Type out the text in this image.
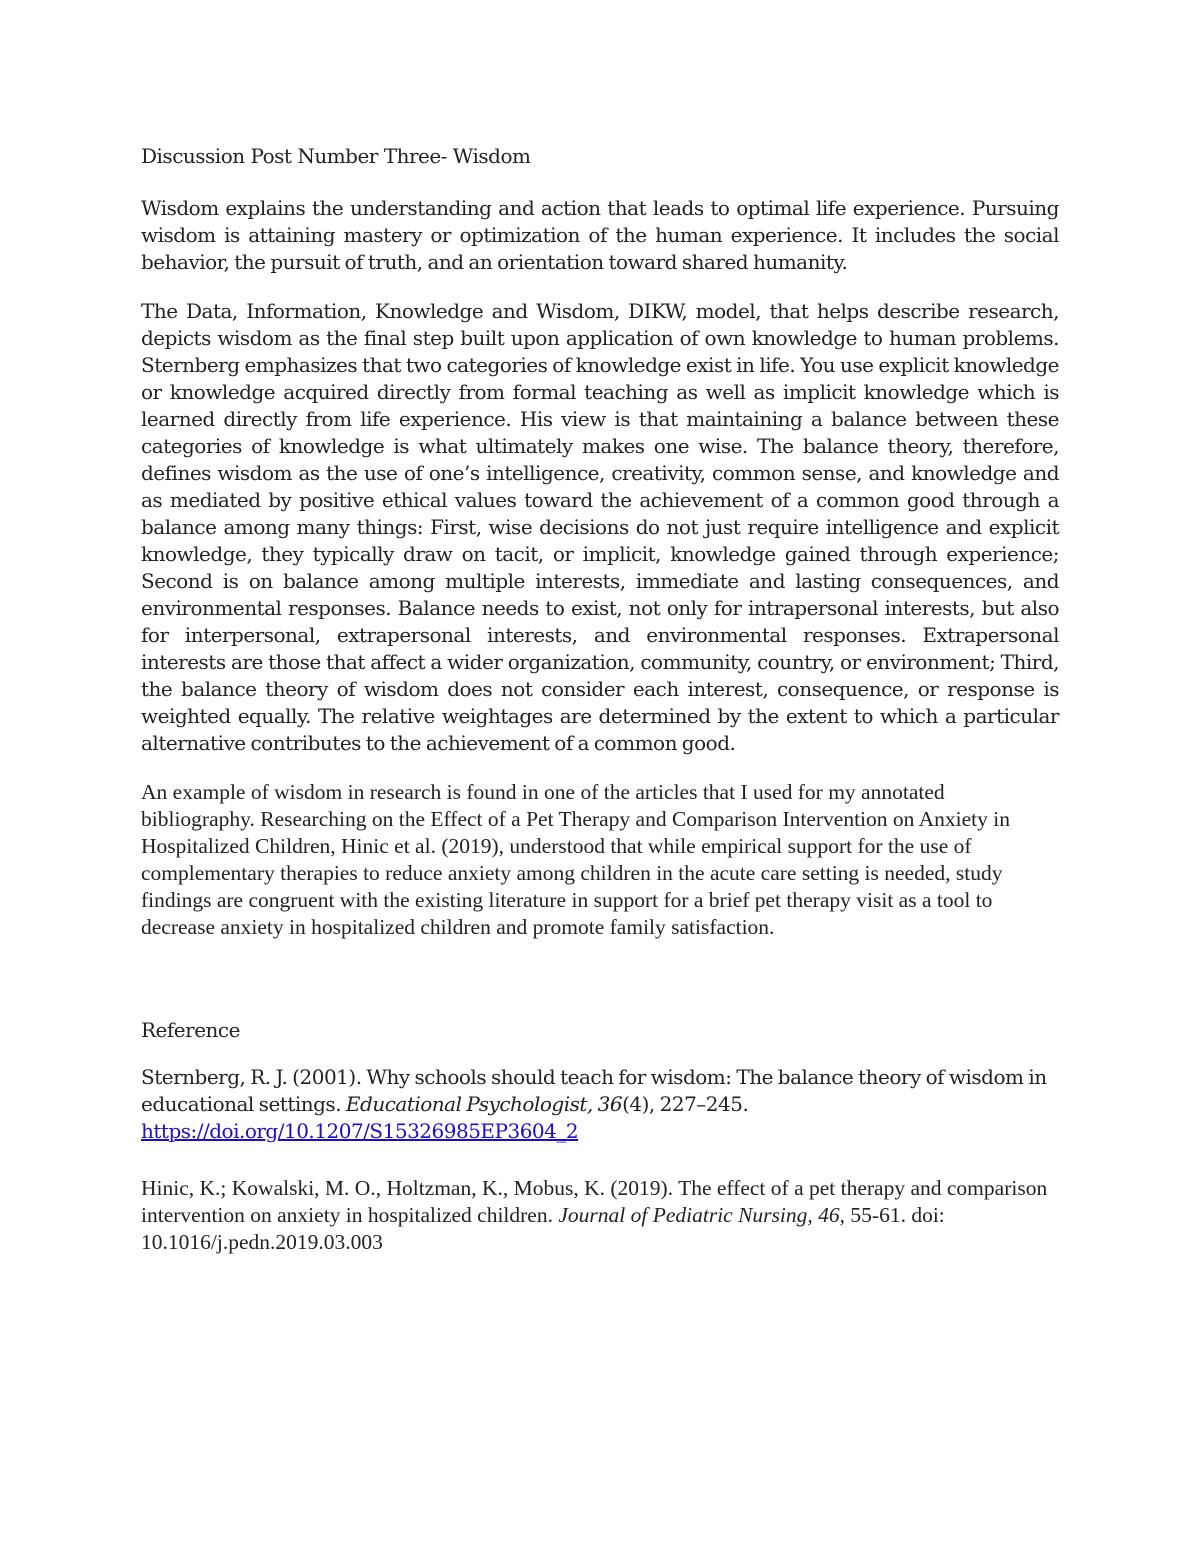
Discussion Post Number Three- Wisdom

Wisdom explains the understanding and action that leads to optimal life experience. Pursuing wisdom is attaining mastery or optimization of the human experience. It includes the social behavior, the pursuit of truth, and an orientation toward shared humanity.

The Data, Information, Knowledge and Wisdom, DIKW, model, that helps describe research, depicts wisdom as the final step built upon application of own knowledge to human problems. Sternberg emphasizes that two categories of knowledge exist in life. You use explicit knowledge or knowledge acquired directly from formal teaching as well as implicit knowledge which is learned directly from life experience. His view is that maintaining a balance between these categories of knowledge is what ultimately makes one wise. The balance theory, therefore, defines wisdom as the use of one’s intelligence, creativity, common sense, and knowledge and as mediated by positive ethical values toward the achievement of a common good through a balance among many things: First, wise decisions do not just require intelligence and explicit knowledge, they typically draw on tacit, or implicit, knowledge gained through experience; Second is on balance among multiple interests, immediate and lasting consequences, and environmental responses. Balance needs to exist, not only for intrapersonal interests, but also for interpersonal, extrapersonal interests, and environmental responses. Extrapersonal interests are those that affect a wider organization, community, country, or environment; Third, the balance theory of wisdom does not consider each interest, consequence, or response is weighted equally. The relative weightages are determined by the extent to which a particular alternative contributes to the achievement of a common good.

An example of wisdom in research is found in one of the articles that I used for my annotated bibliography. Researching on the Effect of a Pet Therapy and Comparison Intervention on Anxiety in Hospitalized Children, Hinic et al. (2019), understood that while empirical support for the use of complementary therapies to reduce anxiety among children in the acute care setting is needed, study findings are congruent with the existing literature in support for a brief pet therapy visit as a tool to decrease anxiety in hospitalized children and promote family satisfaction.

Reference

Sternberg, R. J. (2001). Why schools should teach for wisdom: The balance theory of wisdom in educational settings. Educational Psychologist, 36(4), 227–245. https://doi.org/10.1207/S15326985EP3604_2

Hinic, K.; Kowalski, M. O., Holtzman, K., Mobus, K. (2019). The effect of a pet therapy and comparison intervention on anxiety in hospitalized children. Journal of Pediatric Nursing, 46, 55-61. doi: 10.1016/j.pedn.2019.03.003
